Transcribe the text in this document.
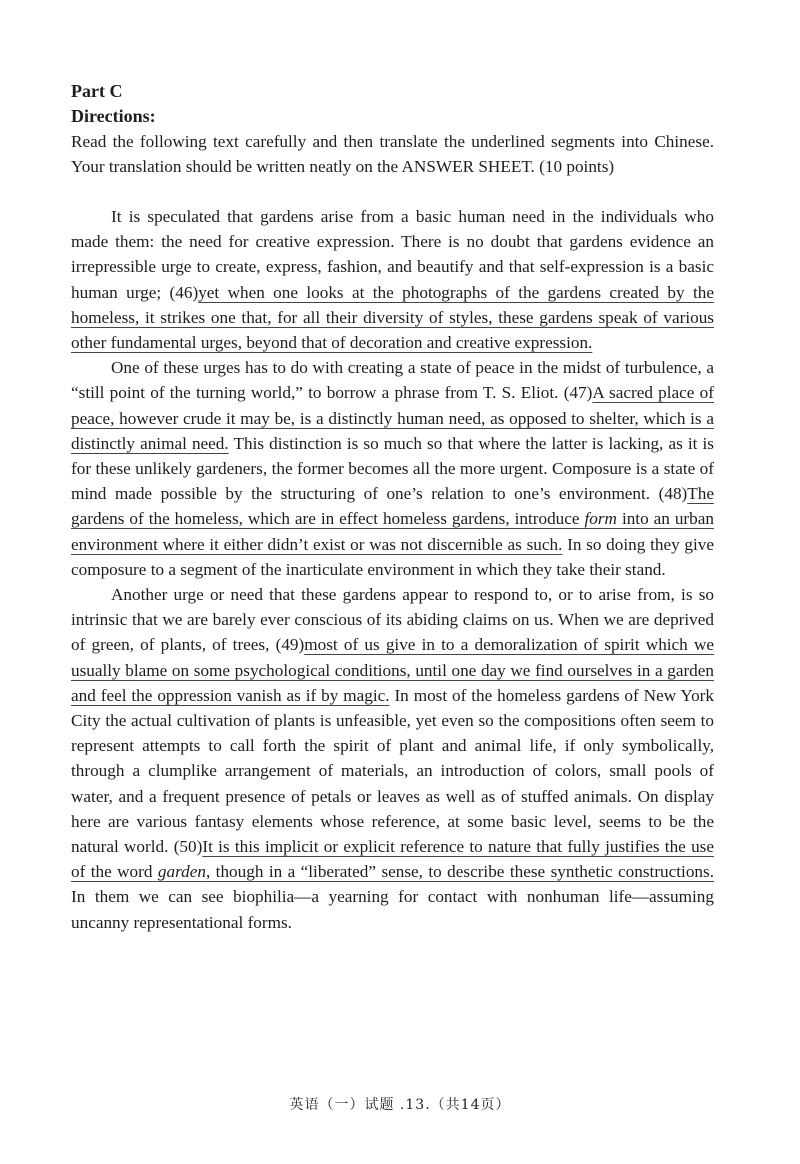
Part C
Directions:
Read the following text carefully and then translate the underlined segments into Chinese. Your translation should be written neatly on the ANSWER SHEET. (10 points)

It is speculated that gardens arise from a basic human need in the individuals who made them: the need for creative expression. There is no doubt that gardens evidence an irrepressible urge to create, express, fashion, and beautify and that self-expression is a basic human urge; (46)yet when one looks at the photographs of the gardens created by the homeless, it strikes one that, for all their diversity of styles, these gardens speak of various other fundamental urges, beyond that of decoration and creative expression.

One of these urges has to do with creating a state of peace in the midst of turbulence, a “still point of the turning world,” to borrow a phrase from T. S. Eliot. (47)A sacred place of peace, however crude it may be, is a distinctly human need, as opposed to shelter, which is a distinctly animal need. This distinction is so much so that where the latter is lacking, as it is for these unlikely gardeners, the former becomes all the more urgent. Composure is a state of mind made possible by the structuring of one’s relation to one’s environment. (48)The gardens of the homeless, which are in effect homeless gardens, introduce form into an urban environment where it either didn’t exist or was not discernible as such. In so doing they give composure to a segment of the inarticulate environment in which they take their stand.

Another urge or need that these gardens appear to respond to, or to arise from, is so intrinsic that we are barely ever conscious of its abiding claims on us. When we are deprived of green, of plants, of trees, (49)most of us give in to a demoralization of spirit which we usually blame on some psychological conditions, until one day we find ourselves in a garden and feel the oppression vanish as if by magic. In most of the homeless gardens of New York City the actual cultivation of plants is unfeasible, yet even so the compositions often seem to represent attempts to call forth the spirit of plant and animal life, if only symbolically, through a clumplike arrangement of materials, an introduction of colors, small pools of water, and a frequent presence of petals or leaves as well as of stuffed animals. On display here are various fantasy elements whose reference, at some basic level, seems to be the natural world. (50)It is this implicit or explicit reference to nature that fully justifies the use of the word garden, though in a “liberated” sense, to describe these synthetic constructions. In them we can see biophilia—a yearning for contact with nonhuman life—assuming uncanny representational forms.

英语（一）试题 .13.（共14页）
